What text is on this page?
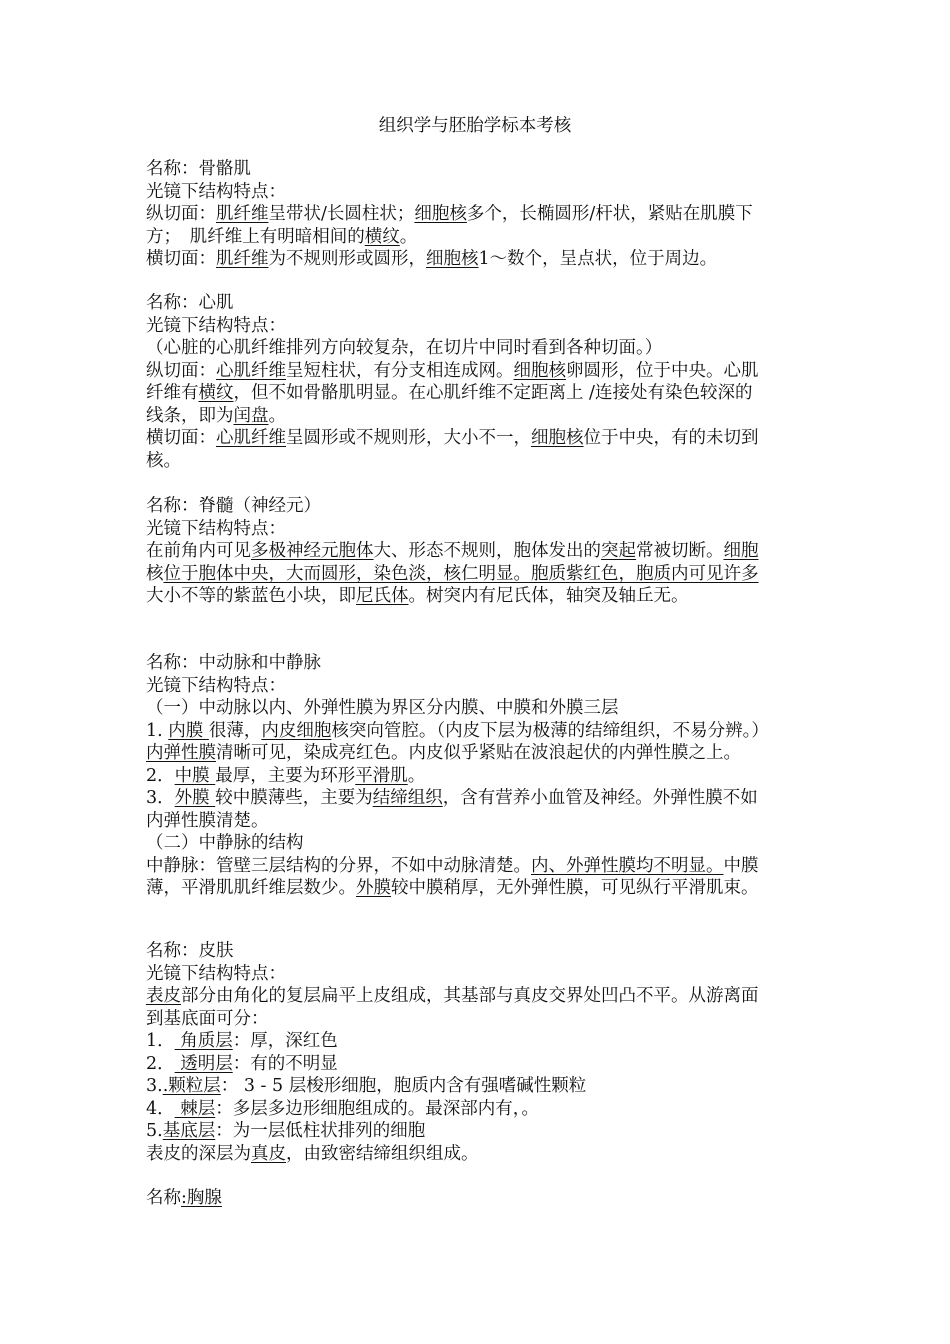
组织学与胚胎学标本考核
名称：骨骼肌
光镜下结构特点：
纵切面：肌纤维呈带状/长圆柱状；细胞核多个，长椭圆形/杆状，紧贴在肌膜下
方；　肌纤维上有明暗相间的横纹。
横切面：肌纤维为不规则形或圆形，细胞核1～数个，呈点状，位于周边。
名称：心肌
光镜下结构特点：
（心脏的心肌纤维排列方向较复杂，在切片中同时看到各种切面。）
纵切面：心肌纤维呈短柱状，有分支相连成网。细胞核卵圆形，位于中央。心肌
纤维有横纹，但不如骨骼肌明显。在心肌纤维不定距离上 /连接处有染色较深的
线条，即为闰盘。
横切面：心肌纤维呈圆形或不规则形，大小不一，细胞核位于中央，有的未切到
核。
名称：脊髓（神经元）
光镜下结构特点：
在前角内可见多极神经元胞体大、形态不规则，胞体发出的突起常被切断。细胞
核位于胞体中央，大而圆形，染色淡，核仁明显。胞质紫红色，胞质内可见许多
大小不等的紫蓝色小块，即尼氏体。树突内有尼氏体，轴突及轴丘无。
名称：中动脉和中静脉
光镜下结构特点：
（一）中动脉以内、外弹性膜为界区分内膜、中膜和外膜三层
1. 内膜 很薄，内皮细胞核突向管腔。（内皮下层为极薄的结缔组织，不易分辨。）
内弹性膜清晰可见，染成亮红色。内皮似乎紧贴在波浪起伏的内弹性膜之上。
2．中膜 最厚，主要为环形平滑肌。
3．外膜 较中膜薄些，主要为结缔组织，含有营养小血管及神经。外弹性膜不如
内弹性膜清楚。
（二）中静脉的结构
中静脉：管壁三层结构的分界，不如中动脉清楚。内、外弹性膜均不明显。中膜
薄，平滑肌肌纤维层数少。外膜较中膜稍厚，无外弹性膜，可见纵行平滑肌束。
名称：皮肤
光镜下结构特点：
表皮部分由角化的复层扁平上皮组成，其基部与真皮交界处凹凸不平。从游离面
到基底面可分：
1． 角质层：厚，深红色
2． 透明层：有的不明显
3..颗粒层： 3 - 5 层梭形细胞，胞质内含有强嗜碱性颗粒
4． 棘层：多层多边形细胞组成的。最深部内有，。
5.基底层：为一层低柱状排列的细胞
表皮的深层为真皮，由致密结缔组织组成。
名称:胸腺
